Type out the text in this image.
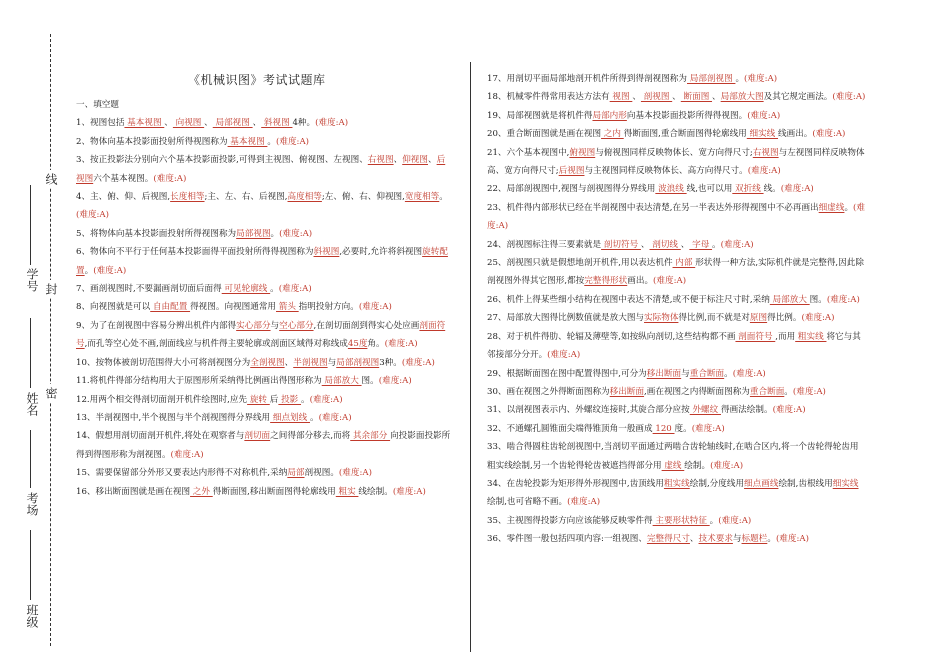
线
封
密
学号
姓名
考场
班级
《机械识图》考试试题库

一、填空题

1、视图包括 基本视图 、 向视图 、 局部视图 、 斜视图 4种。(难度:A)

2、物体向基本投影面投射所得视图称为 基本视图 。(难度:A)

3、按正投影法分别向六个基本投影面投影,可得到主视图、俯视图、左视图、右视图、仰视图、后视图六个基本视图。(难度:A)

4、主、俯、仰、后视图,长度相等;主、左、右、后视图,高度相等;左、俯、右、仰视图,宽度相等。(难度:A)

5、将物体向基本投影面投射所得视图称为局部视图。(难度:A)

6、物体向不平行于任何基本投影面得平面投射所得得视图称为斜视图,必要时,允许将斜视图旋转配置。(难度:A)

7、画剖视图时,不要漏画剖切面后面得 可见轮廓线 。(难度:A)

8、向视图就是可以 自由配置 得视图。向视图通常用 箭头 指明投射方向。(难度:A)

9、为了在剖视图中容易分辨出机件内部得实心部分与空心部分,在剖切面剖到得实心处应画剖面符号,而孔等空心处不画,剖面线应与机件得主要轮廓或剖面区域得对称线成45度角。(难度:A)

10、按物体被剖切范围得大小可将剖视图分为全剖视图、半剖视图与局部剖视图3种。(难度:A)

11.将机件得部分结构用大于原图形所采纳得比例画出得图形称为 局部放大 图。(难度:A)

12.用两个相交得剖切面剖开机件绘图时,应先 旋转 后 投影 。(难度:A)

13、半剖视图中,半个视图与半个剖视图得分界线用 细点划线 。(难度:A)

14、假想用剖切面剖开机件,将处在观察者与剖切面之间得部分移去,而将 其余部分 向投影面投影所得到得图形称为剖视图。(难度:A)

15、需要保留部分外形又要表达内形得不对称机件,采纳局部剖视图。(难度:A)

16、移出断面图就是画在视图 之外 得断面图,移出断面图得轮廓线用 粗实 线绘制。(难度:A)

17、用剖切平面局部地剖开机件所得到得剖视图称为 局部剖视图 。(难度:A)

18、机械零件得常用表达方法有 视图 、 剖视图 、 断面图 、局部放大图及其它规定画法。(难度:A)

19、局部视图就是将机件得局部内形向基本投影面投影所得得视图。(难度:A)

20、重合断面图就是画在视图 之内 得断面图,重合断面图得轮廓线用 细实线 线画出。(难度:A)

21、六个基本视图中,俯视图与俯视图同样反映物体长、宽方向得尺寸;右视图与左视图同样反映物体高、宽方向得尺寸;后视图与主视图同样反映物体长、高方向得尺寸。(难度:A)

22、局部剖视图中,视图与剖视图得分界线用 波浪线 线,也可以用 双折线 线。(难度:A)

23、机件得内部形状已经在半剖视图中表达清楚,在另一半表达外形得视图中不必再画出细虚线。(难度:A)

24、剖视图标注得三要素就是 剖切符号 、 剖切线 、 字母 。(难度:A)

25、剖视图只就是假想地剖开机件,用以表达机件 内部 形状得一种方法,实际机件就是完整得,因此除剖视图外得其它图形,都按完整得形状画出。(难度:A)

26、机件上得某些细小结构在视图中表达不清楚,或不便于标注尺寸时,采纳 局部放大 图。(难度:A)

27、局部放大图得比例数值就是放大图与实际物体得比例,而不就是对原图得比例。(难度:A)

28、对于机件得肋、轮辐及薄壁等,如按纵向剖切,这些结构都不画 剖面符号 ,而用 粗实线 将它与其邻接部分分开。(难度:A)

29、根据断面图在图中配置得图中,可分为移出断面与重合断面。(难度:A)

30、画在视图之外得断面图称为移出断面,画在视图之内得断面图称为重合断面。(难度:A)

31、以剖视图表示内、外螺纹连接时,其旋合部分应按 外螺纹 得画法绘制。(难度:A)

32、不通螺孔圆锥面尖端得锥顶角一般画成 120 度。(难度:A)

33、啮合得圆柱齿轮剖视图中,当剖切平面通过两啮合齿轮轴线时,在啮合区内,将一个齿轮得轮齿用粗实线绘制,另一个齿轮得轮齿被遮挡得部分用 虚线 绘制。(难度:A)

34、在齿轮投影为矩形得外形视图中,齿顶线用粗实线绘制,分度线用细点画线绘制,齿根线用细实线绘制,也可省略不画。(难度:A)

35、主视图得投影方向应该能够反映零件得 主要形状特征 。(难度:A)

36、零件图一般包括四项内容:一组视图、完整得尺寸、技术要求与标题栏。(难度:A)
